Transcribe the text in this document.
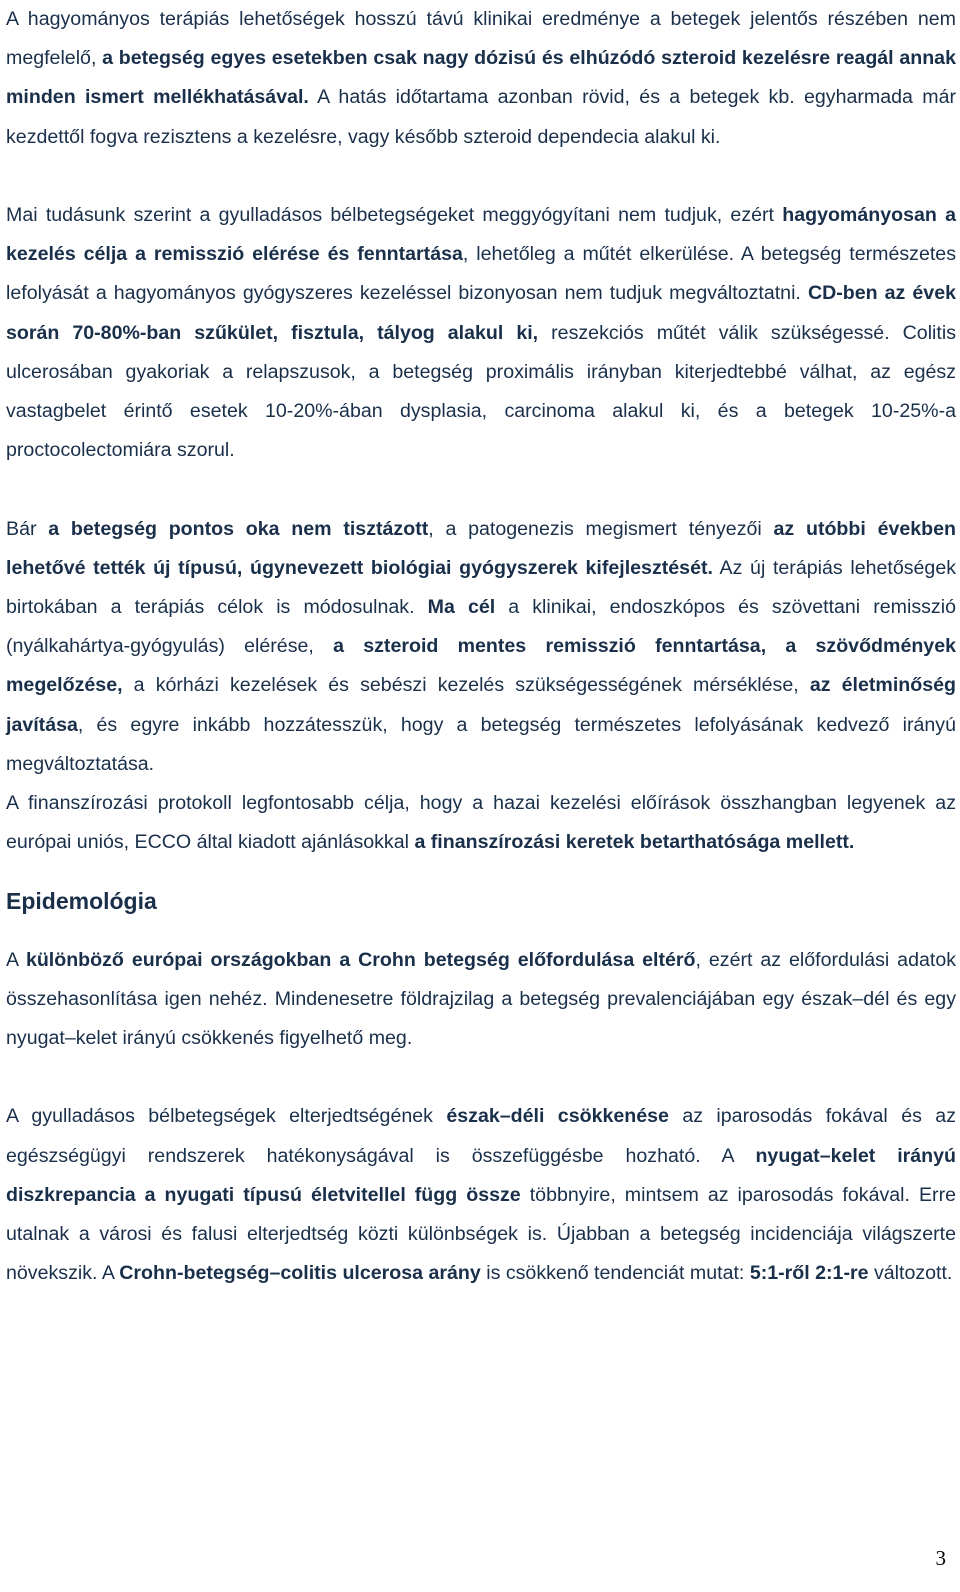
A hagyományos terápiás lehetőségek hosszú távú klinikai eredménye a betegek jelentős részében nem megfelelő, a betegség egyes esetekben csak nagy dózisú és elhúzódó szteroid kezelésre reagál annak minden ismert mellékhatásával. A hatás időtartama azonban rövid, és a betegek kb. egyharmada már kezdettől fogva rezisztens a kezelésre, vagy később szteroid dependecia alakul ki.

Mai tudásunk szerint a gyulladásos bélbetegségeket meggyógyítani nem tudjuk, ezért hagyományosan a kezelés célja a remisszió elérése és fenntartása, lehetőleg a műtét elkerülése. A betegség természetes lefolyását a hagyományos gyógyszeres kezeléssel bizonyosan nem tudjuk megváltoztatni. CD-ben az évek során 70-80%-ban szűkület, fisztula, tályog alakul ki, reszekciós műtét válik szükségessé. Colitis ulcerosában gyakoriak a relapszusok, a betegség proximális irányban kiterjedtebbé válhat, az egész vastagbelet érintő esetek 10-20%-ában dysplasia, carcinoma alakul ki, és a betegek 10-25%-a proctocolectomiára szorul.

Bár a betegség pontos oka nem tisztázott, a patogenezis megismert tényezői az utóbbi években lehetővé tették új típusú, úgynevezett biológiai gyógyszerek kifejlesztését. Az új terápiás lehetőségek birtokában a terápiás célok is módosulnak. Ma cél a klinikai, endoszkópos és szövettani remisszió (nyálkahártya-gyógyulás) elérése, a szteroid mentes remisszió fenntartása, a szövődmények megelőzése, a kórházi kezelések és sebészi kezelés szükségességének mérséklése, az életminőség javítása, és egyre inkább hozzátesszük, hogy a betegség természetes lefolyásának kedvező irányú megváltoztatása.

A finanszírozási protokoll legfontosabb célja, hogy a hazai kezelési előírások összhangban legyenek az európai uniós, ECCO által kiadott ajánlásokkal a finanszírozási keretek betarthatósága mellett.

Epidemológia

A különböző európai országokban a Crohn betegség előfordulása eltérő, ezért az előfordulási adatok összehasonlítása igen nehéz. Mindenesetre földrajzilag a betegség prevalenciájában egy észak–dél és egy nyugat–kelet irányú csökkenés figyelhető meg.

A gyulladásos bélbetegségek elterjedtségének észak–déli csökkenése az iparosodás fokával és az egészségügyi rendszerek hatékonyságával is összefüggésbe hozható. A nyugat–kelet irányú diszkrepancia a nyugati típusú életvitellel függ össze többnyire, mintsem az iparosodás fokával. Erre utalnak a városi és falusi elterjedtség közti különbségek is. Újabban a betegség incidenciája világszerte növekszik. A Crohn-betegség–colitis ulcerosa arány is csökkenő tendenciát mutat: 5:1-ről 2:1-re változott.

3
